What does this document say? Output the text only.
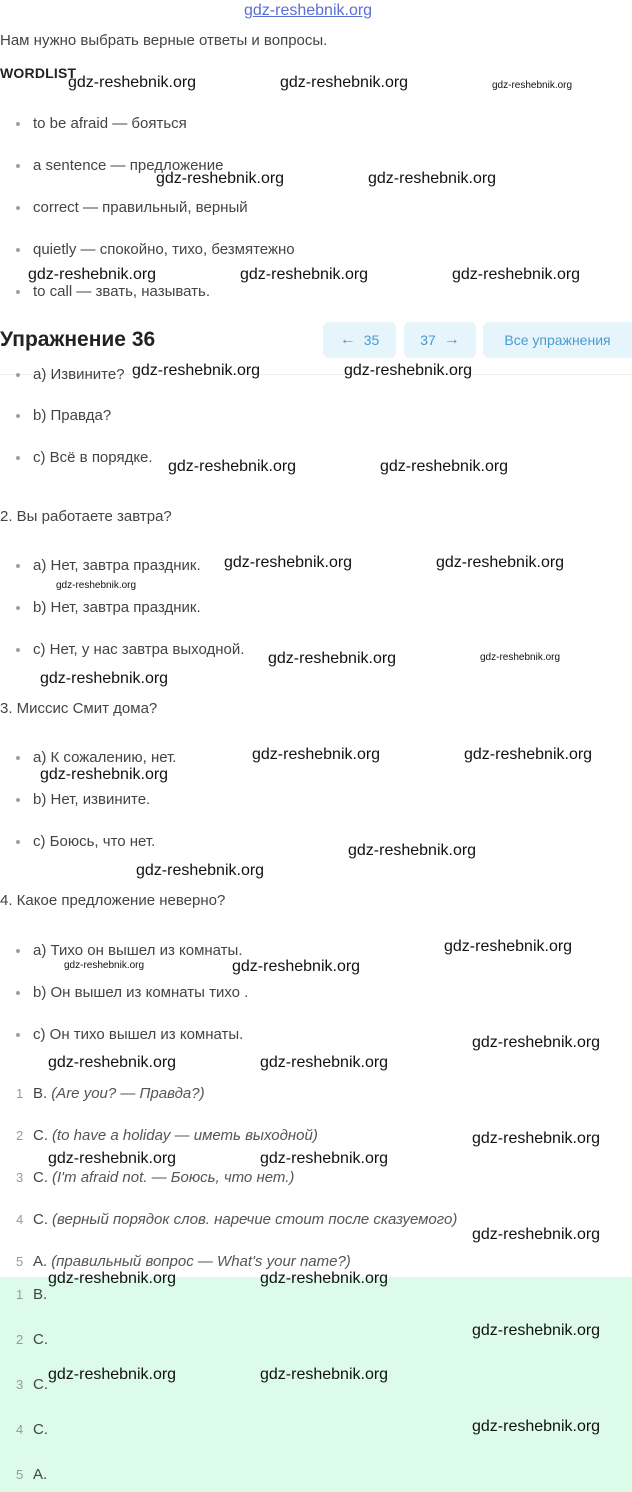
gdz-reshebnik.org
Нам нужно выбрать верные ответы и вопросы.
WORDLIST
to be afraid — бояться
a sentence — предложение
correct — правильный, верный
quietly — спокойно, тихо, безмятежно
to call — звать, называть.
Упражнение 36	← 35	37 →	Все упражнения
а) Извините?
b) Правда?
c) Всё в порядке.
2. Вы работаете завтра?
а) Нет, завтра праздник.
b) Нет, завтра праздник.
c) Нет, у нас завтра выходной.
3. Миссис Смит дома?
а) К сожалению, нет.
b) Нет, извините.
c) Боюсь, что нет.
4. Какое предложение неверно?
а) Тихо он вышел из комнаты.
b) Он вышел из комнаты тихо .
c) Он тихо вышел из комнаты.
1 B. (Are you? — Правда?)
2 C. (to have a holiday — иметь выходной)
3 C. (I'm afraid not. — Боюсь, что нет.)
4 C. (верный порядок слов. наречие стоит после сказуемого)
5 A. (правильный вопрос — What's your name?)
1 B.
2 C.
3 C.
4 C.
5 A.
gdz-reshebnik.org	gdz-reshebnik.org	gdz-reshebnik.org
gdz-reshebnik.org	gdz-reshebnik.org
gdz-reshebnik.org	gdz-reshebnik.org	gdz-reshebnik.org
gdz-reshebnik.org	gdz-reshebnik.org
gdz-reshebnik.org	gdz-reshebnik.org
gdz-reshebnik.org	gdz-reshebnik.org
gdz-reshebnik.org
gdz-reshebnik.org	gdz-reshebnik.org
gdz-reshebnik.org
gdz-reshebnik.org	gdz-reshebnik.org
gdz-reshebnik.org
gdz-reshebnik.org
gdz-reshebnik.org
gdz-reshebnik.org
gdz-reshebnik.org	gdz-reshebnik.org
gdz-reshebnik.org
gdz-reshebnik.org	gdz-reshebnik.org
gdz-reshebnik.org
gdz-reshebnik.org	gdz-reshebnik.org
gdz-reshebnik.org
gdz-reshebnik.org	gdz-reshebnik.org
gdz-reshebnik.org
gdz-reshebnik.org	gdz-reshebnik.org
gdz-reshebnik.org
